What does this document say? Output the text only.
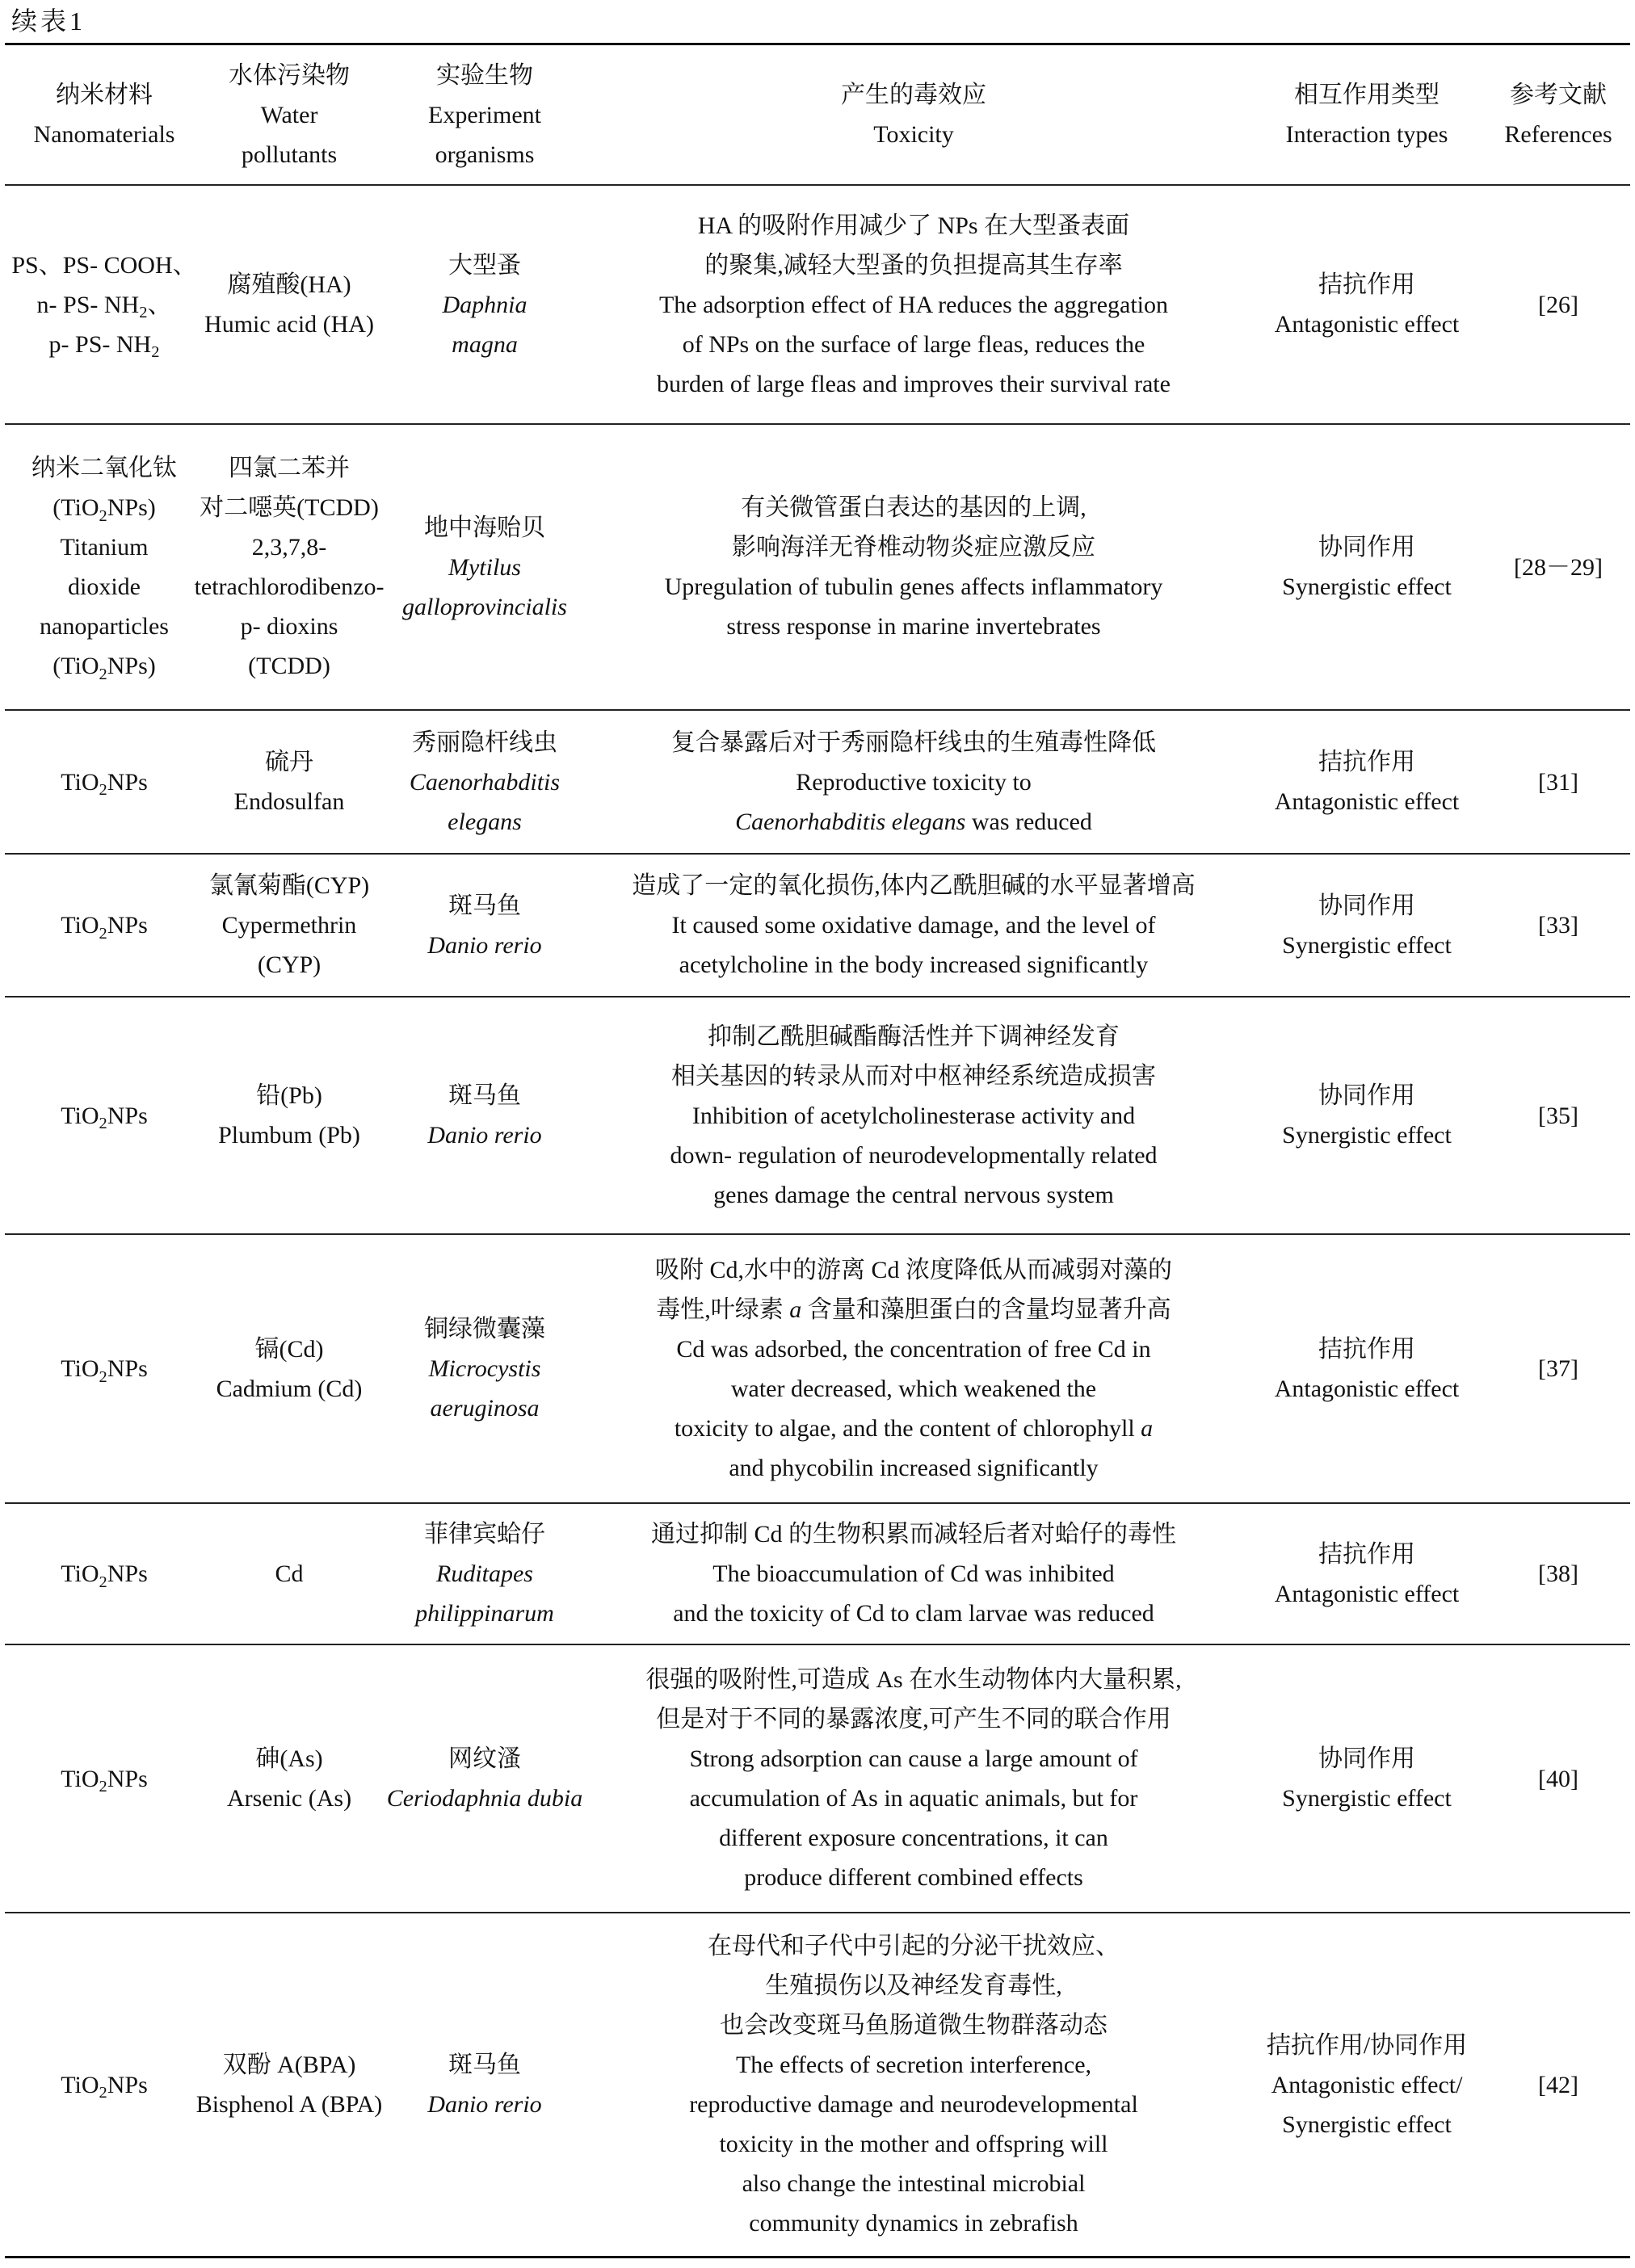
续表1
纳米材料
Nanomaterials
水体污染物
Water
pollutants
实验生物
Experiment
organisms
产生的毒效应
Toxicity
相互作用类型
Interaction types
参考文献
References
PS、PS- COOH、
n- PS- $NH_2$、
p- PS- $NH_2$
腐殖酸(HA)
Humic acid (HA)
大型蚤
Daphnia
magna
HA 的吸附作用减少了 NPs 在大型蚤表面
的聚集,减轻大型蚤的负担提高其生存率
The adsorption effect of HA reduces the aggregation
of NPs on the surface of large fleas, reduces the
burden of large fleas and improves their survival rate
拮抗作用
Antagonistic effect
[26]
纳米二氧化钛
(TiO$_2$NPs)
Titanium
dioxide
nanoparticles
(TiO$_2$NPs)
四氯二苯并
对二噁英(TCDD)
2,3,7,8-
tetrachlorodibenzo-
p- dioxins
(TCDD)
地中海贻贝
Mytilus
galloprovincialis
有关微管蛋白表达的基因的上调,
影响海洋无脊椎动物炎症应激反应
Upregulation of tubulin genes affects inflammatory
stress response in marine invertebrates
协同作用
Synergistic effect
[28－29]
TiO$_2$NPs
硫丹
Endosulfan
秀丽隐杆线虫
Caenorhabditis
elegans
复合暴露后对于秀丽隐杆线虫的生殖毒性降低
Reproductive toxicity to
Caenorhabditis elegans was reduced
拮抗作用
Antagonistic effect
[31]
TiO$_2$NPs
氯氰菊酯(CYP)
Cypermethrin
(CYP)
斑马鱼
Danio rerio
造成了一定的氧化损伤,体内乙酰胆碱的水平显著增高
It caused some oxidative damage, and the level of
acetylcholine in the body increased significantly
协同作用
Synergistic effect
[33]
TiO$_2$NPs
铅(Pb)
Plumbum (Pb)
斑马鱼
Danio rerio
抑制乙酰胆碱酯酶活性并下调神经发育
相关基因的转录从而对中枢神经系统造成损害
Inhibition of acetylcholinesterase activity and
down- regulation of neurodevelopmentally related
genes damage the central nervous system
协同作用
Synergistic effect
[35]
TiO$_2$NPs
镉(Cd)
Cadmium (Cd)
铜绿微囊藻
Microcystis
aeruginosa
吸附 Cd,水中的游离 Cd 浓度降低从而减弱对藻的
毒性,叶绿素 a 含量和藻胆蛋白的含量均显著升高
Cd was adsorbed, the concentration of free Cd in
water decreased, which weakened the
toxicity to algae, and the content of chlorophyll a
and phycobilin increased significantly
拮抗作用
Antagonistic effect
[37]
TiO$_2$NPs	Cd
菲律宾蛤仔
Ruditapes
philippinarum
通过抑制 Cd 的生物积累而减轻后者对蛤仔的毒性
The bioaccumulation of Cd was inhibited
and the toxicity of Cd to clam larvae was reduced
拮抗作用
Antagonistic effect
[38]
TiO$_2$NPs
砷(As)
Arsenic (As)
网纹溞
Ceriodaphnia dubia
很强的吸附性,可造成 As 在水生动物体内大量积累,
但是对于不同的暴露浓度,可产生不同的联合作用
Strong adsorption can cause a large amount of
accumulation of As in aquatic animals, but for
different exposure concentrations, it can
produce different combined effects
协同作用
Synergistic effect
[40]
TiO$_2$NPs
双酚 A(BPA)
Bisphenol A (BPA)
斑马鱼
Danio rerio
在母代和子代中引起的分泌干扰效应、
生殖损伤以及神经发育毒性,
也会改变斑马鱼肠道微生物群落动态
The effects of secretion interference,
reproductive damage and neurodevelopmental
toxicity in the mother and offspring will
also change the intestinal microbial
community dynamics in zebrafish
拮抗作用/协同作用
Antagonistic effect/
Synergistic effect
[42]
